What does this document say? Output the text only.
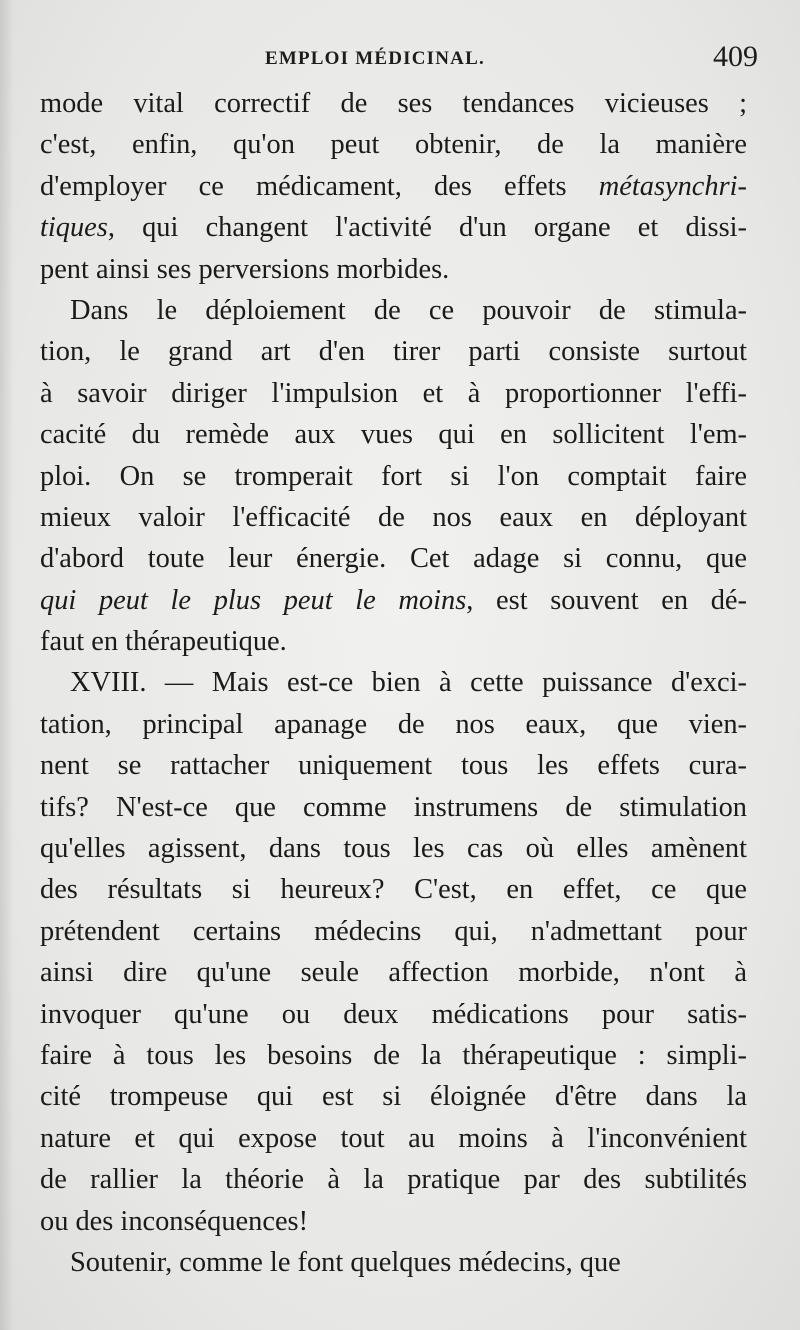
EMPLOI MÉDICINAL.	409
mode vital correctif de ses tendances vicieuses ;
c'est, enfin, qu'on peut obtenir, de la manière
d'employer ce médicament, des effets métasynchri-
tiques, qui changent l'activité d'un organe et dissi-
pent ainsi ses perversions morbides.
Dans le déploiement de ce pouvoir de stimula-
tion, le grand art d'en tirer parti consiste surtout
à savoir diriger l'impulsion et à proportionner l'effi-
cacité du remède aux vues qui en sollicitent l'em-
ploi. On se tromperait fort si l'on comptait faire
mieux valoir l'efficacité de nos eaux en déployant
d'abord toute leur énergie. Cet adage si connu, que
qui peut le plus peut le moins, est souvent en dé-
faut en thérapeutique.
XVIII. — Mais est-ce bien à cette puissance d'exci-
tation, principal apanage de nos eaux, que vien-
nent se rattacher uniquement tous les effets cura-
tifs? N'est-ce que comme instrumens de stimulation
qu'elles agissent, dans tous les cas où elles amènent
des résultats si heureux? C'est, en effet, ce que
prétendent certains médecins qui, n'admettant pour
ainsi dire qu'une seule affection morbide, n'ont à
invoquer qu'une ou deux médications pour satis-
faire à tous les besoins de la thérapeutique : simpli-
cité trompeuse qui est si éloignée d'être dans la
nature et qui expose tout au moins à l'inconvénient
de rallier la théorie à la pratique par des subtilités
ou des inconséquences!
Soutenir, comme le font quelques médecins, que
